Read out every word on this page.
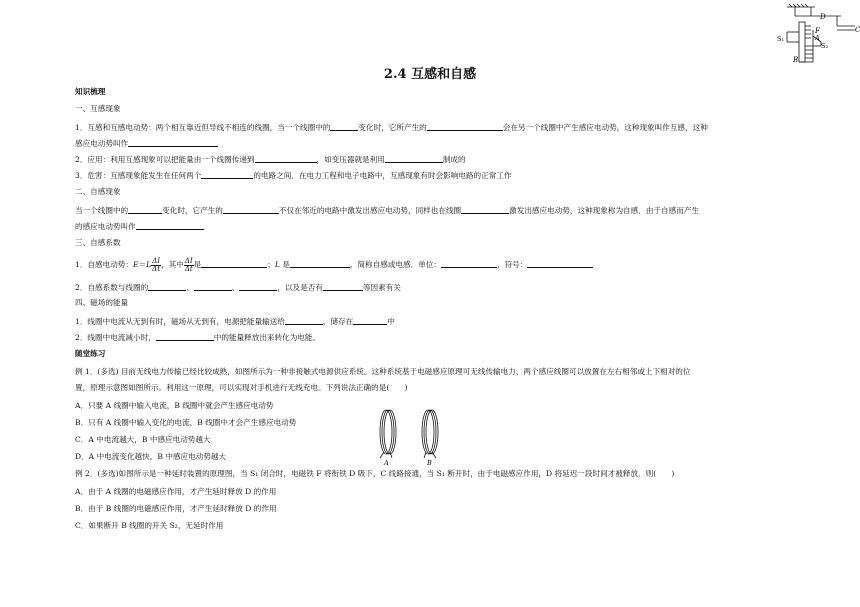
D
C
F
S₁	A
S₂
B
2.4 互感和自感
知识梳理
一、互感现象
1．互感和互感电动势：两个相互靠近但导线不相连的线圈，当一个线圈中的	变化时，它所产生的	会在另一个线圈中产生感应电动势，这种现象叫作互感，这种
感应电动势叫作
2．应用：利用互感现象可以把能量由一个线圈传递到	，如变压器就是利用	制成的
3．危害：互感现象能发生在任何两个	的电路之间．在电力工程和电子电路中，互感现象有时会影响电路的正常工作
二、自感现象
当一个线圈中的	变化时，它产生的	不仅在邻近的电路中激发出感应电动势，同样也在线圈	激发出感应电动势，这种现象称为自感．由于自感而产生
的感应电动势叫作
三、自感系数
1．自感电动势：$E=L \frac{\Delta I}{\Delta t}$ ，其中 $\frac{\Delta I}{\Delta t}$ 是	；L 是	，简称自感或电感．单位：	，符号：
2．自感系数与线圈的	、	、	，以及是否有	等因素有关
四、磁场的能量
1．线圈中电流从无到有时，磁场从无到有，电源把能量输送给	，储存在	中
2．线圈中电流减小时，	中的能量释放出来转化为电能。
随堂练习
例 1．(多选) 目前无线电力传输已经比较成熟，如图所示为一种非接触式电源供应系统。这种系统基于电磁感应原理可无线传输电力，两个感应线圈可以放置在左右相邻或上下相对的位
置，原理示意图如图所示。利用这一原理，可以实现对手机进行无线充电。下列说法正确的是(　　)
A．只要 A 线圈中输入电流，B 线圈中就会产生感应电动势
B．只有 A 线圈中输入变化的电流，B 线圈中才会产生感应电动势
C．A 中电流越大，B 中感应电动势越大
D．A 中电流变化越快，B 中感应电动势越大
A	B
例 2．(多选)如图所示是一种延时装置的原理图，当 S₁ 闭合时，电磁铁 F 将衔铁 D 吸下，C 线路接通，当 S₁ 断开时，由于电磁感应作用，D 将延迟一段时间才被释放．则(　　)
A．由于 A 线圈的电磁感应作用，才产生延时释放 D 的作用
B．由于 B 线圈的电磁感应作用，才产生延时释放 D 的作用
C．如果断开 B 线圈的开关 S₂，无延时作用
